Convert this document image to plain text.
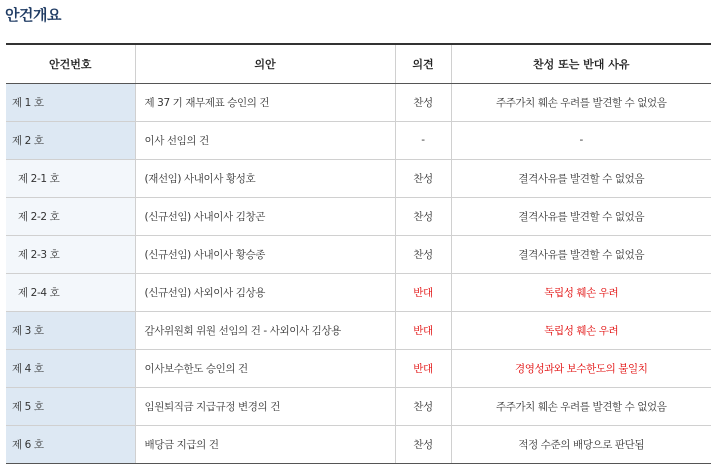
안건개요
안건번호	의안	의견	찬성 또는 반대 사유
제 1 호	제 37 기 재무제표 승인의 건	찬성	주주가치 훼손 우려를 발견할 수 없었음
제 2 호	이사 선임의 건	-	-
제 2-1 호	(재선임) 사내이사 황성호	찬성	결격사유를 발견할 수 없었음
제 2-2 호	(신규선임) 사내이사 김창곤	찬성	결격사유를 발견할 수 없었음
제 2-3 호	(신규선임) 사내이사 황승종	찬성	결격사유를 발견할 수 없었음
제 2-4 호	(신규선임) 사외이사 김상용	반대	독립성 훼손 우려
제 3 호	감사위원회 위원 선임의 건 - 사외이사 김상용	반대	독립성 훼손 우려
제 4 호	이사보수한도 승인의 건	반대	경영성과와 보수한도의 불일치
제 5 호	임원퇴직금 지급규정 변경의 건	찬성	주주가치 훼손 우려를 발견할 수 없었음
제 6 호	배당금 지급의 건	찬성	적정 수준의 배당으로 판단됨
